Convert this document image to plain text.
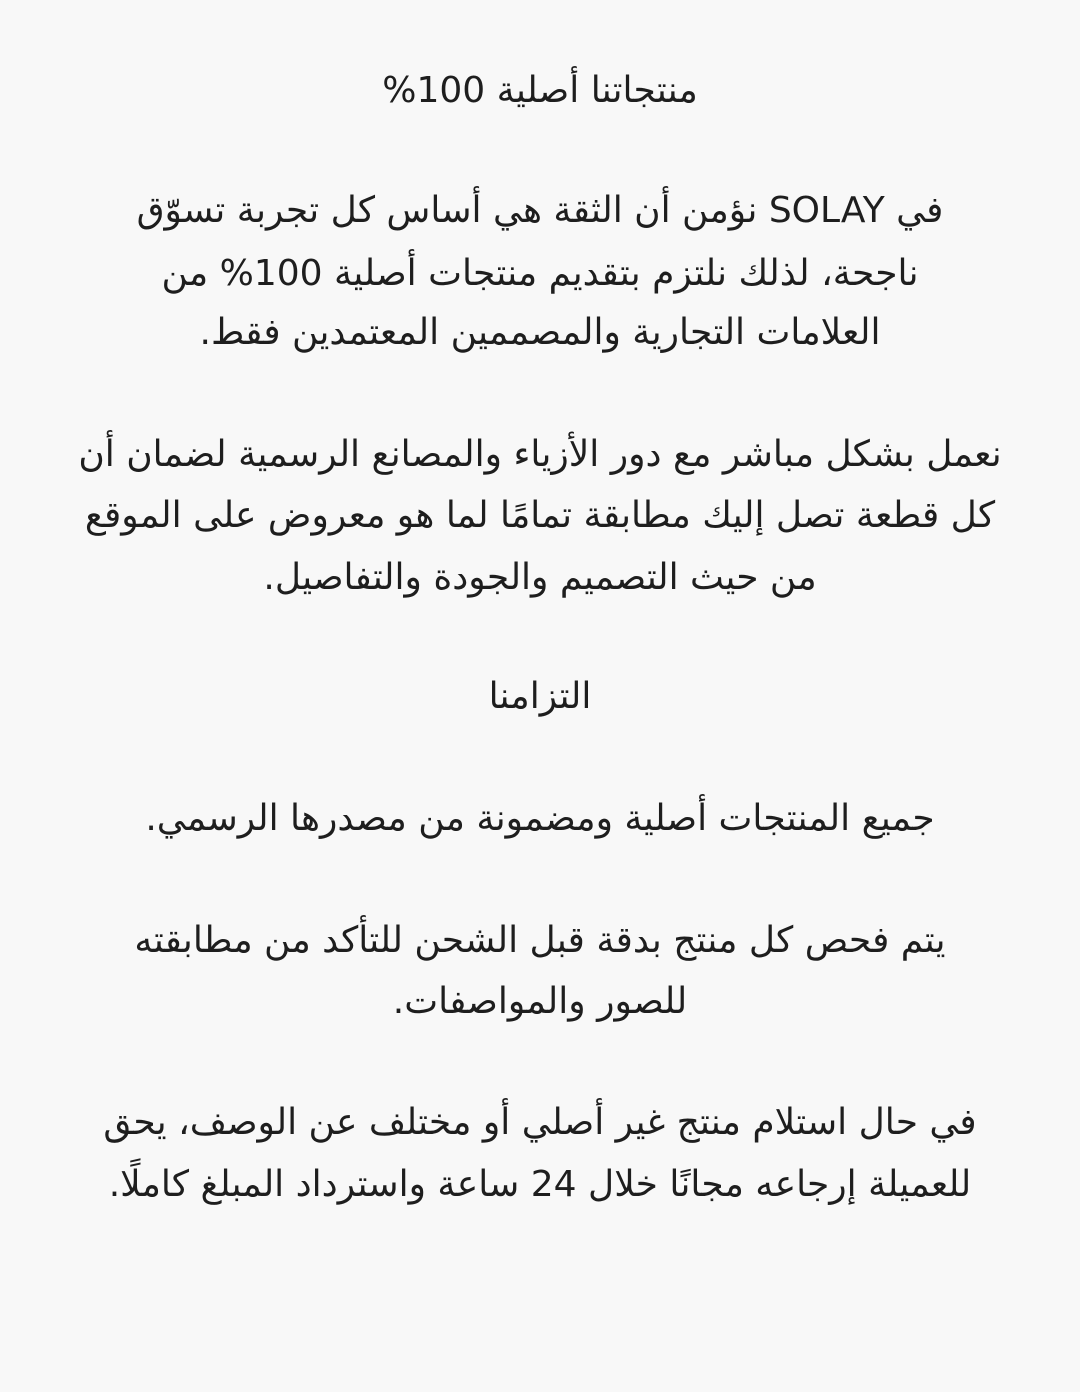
منتجاتنا أصلية 100%
في SOLAY نؤمن أن الثقة هي أساس كل تجربة تسوّق
ناجحة، لذلك نلتزم بتقديم منتجات أصلية 100% من
العلامات التجارية والمصممين المعتمدين فقط.
نعمل بشكل مباشر مع دور الأزياء والمصانع الرسمية لضمان أن
كل قطعة تصل إليك مطابقة تمامًا لما هو معروض على الموقع
من حيث التصميم والجودة والتفاصيل.
التزامنا
جميع المنتجات أصلية ومضمونة من مصدرها الرسمي.
يتم فحص كل منتج بدقة قبل الشحن للتأكد من مطابقته
للصور والمواصفات.
في حال استلام منتج غير أصلي أو مختلف عن الوصف، يحق
للعميلة إرجاعه مجانًا خلال 24 ساعة واسترداد المبلغ كاملًا.
